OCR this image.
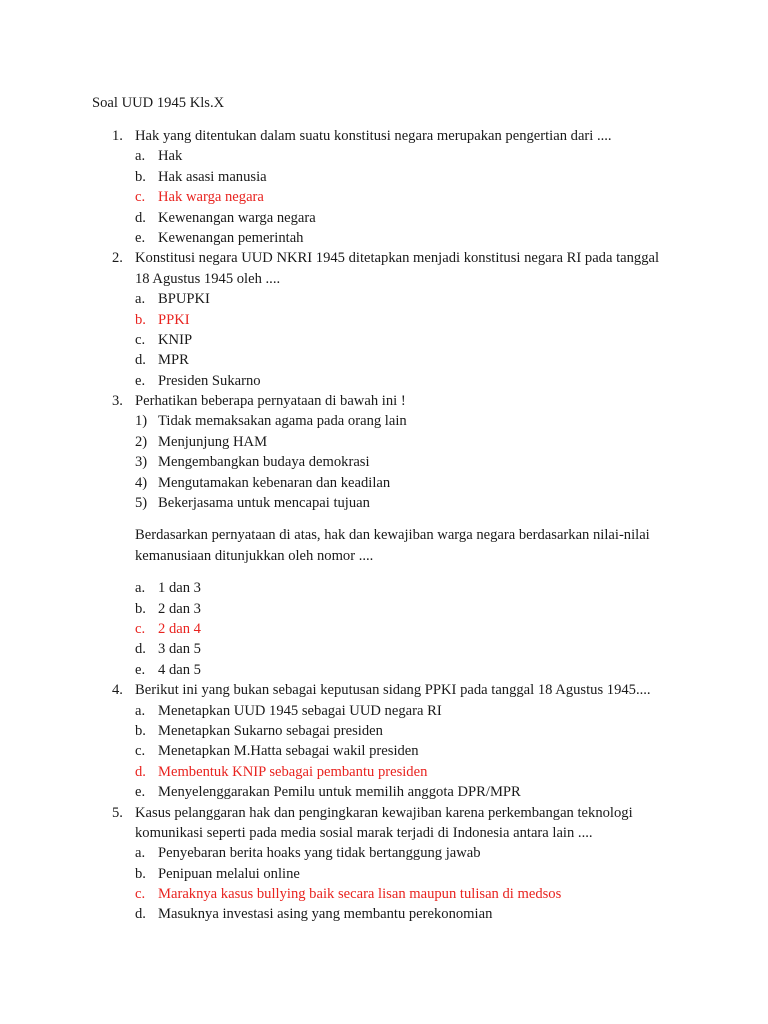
Soal UUD 1945 Kls.X
1. Hak yang ditentukan dalam suatu konstitusi negara merupakan pengertian dari ....
a. Hak
b. Hak asasi manusia
c. Hak warga negara
d. Kewenangan warga negara
e. Kewenangan pemerintah
2. Konstitusi negara UUD NKRI 1945 ditetapkan menjadi konstitusi negara RI pada tanggal
18 Agustus 1945 oleh ....
a. BPUPKI
b. PPKI
c. KNIP
d. MPR
e. Presiden Sukarno
3. Perhatikan beberapa pernyataan di bawah ini !
1) Tidak memaksakan agama pada orang lain
2) Menjunjung HAM
3) Mengembangkan budaya demokrasi
4) Mengutamakan kebenaran dan keadilan
5) Bekerjasama untuk mencapai tujuan
Berdasarkan pernyataan di atas, hak dan kewajiban warga negara berdasarkan nilai-nilai
kemanusiaan ditunjukkan oleh nomor ....
a. 1 dan 3
b. 2 dan 3
c. 2 dan 4
d. 3 dan 5
e. 4 dan 5
4. Berikut ini yang bukan sebagai keputusan sidang PPKI pada tanggal 18 Agustus 1945....
a. Menetapkan UUD 1945 sebagai UUD negara RI
b. Menetapkan Sukarno sebagai presiden
c. Menetapkan M.Hatta sebagai wakil presiden
d. Membentuk KNIP sebagai pembantu presiden
e. Menyelenggarakan Pemilu untuk memilih anggota DPR/MPR
5. Kasus pelanggaran hak dan pengingkaran kewajiban karena perkembangan teknologi
komunikasi seperti pada media sosial marak terjadi di Indonesia antara lain ....
a. Penyebaran berita hoaks yang tidak bertanggung jawab
b. Penipuan melalui online
c. Maraknya kasus bullying baik secara lisan maupun tulisan di medsos
d. Masuknya investasi asing yang membantu perekonomian
